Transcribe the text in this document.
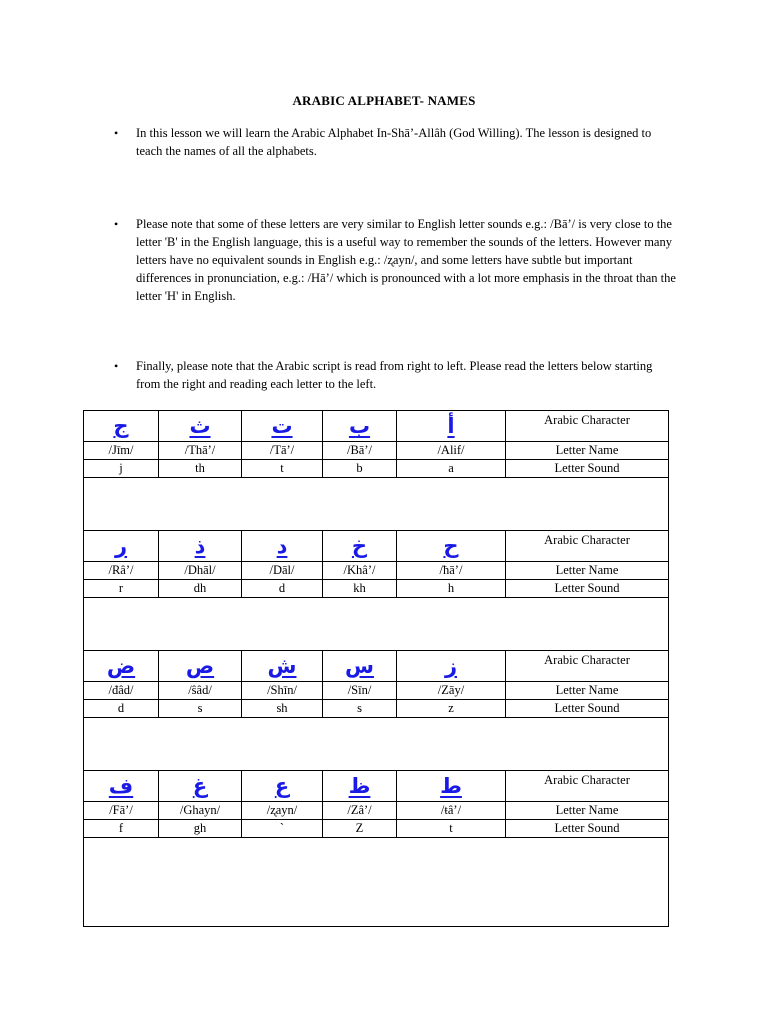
ARABIC ALPHABET- NAMES
• In this lesson we will learn the Arabic Alphabet In-Shā’-Allâh (God Willing). The lesson is designed to teach the names of all the alphabets.
• Please note that some of these letters are very similar to English letter sounds e.g.: /Bā’/ is very close to the letter 'B' in the English language, this is a useful way to remember the sounds of the letters. However many letters have no equivalent sounds in English e.g.: /ʐayn/, and some letters have subtle but important differences in pronunciation, e.g.: /Hā’/ which is pronounced with a lot more emphasis in the throat than the letter 'H' in English.
• Finally, please note that the Arabic script is read from right to left. Please read the letters below starting from the right and reading each letter to the left.
ج	ث	ت	ب	أ	Arabic Character
/Jīm/	/Thā’/	/Tā’/	/Bā’/	/Alif/	Letter Name
j	th	t	b	a	Letter Sound

ر	ذ	د	خ	ح	Arabic Character
/Râ’/	/Dhāl/	/Dāl/	/Khâ’/	/ħā’/	Letter Name
r	dh	d	kh	h	Letter Sound

ض	ص	ش	س	ز	Arabic Character
/đâd/	/ŝâd/	/Shīn/	/Sīn/	/Zāy/	Letter Name
d	s	sh	s	z	Letter Sound

ف	غ	ع	ظ	ط	Arabic Character
/Fā’/	/Ghayn/	/ʐayn/	/Zâ’/	/ŧâ’/	Letter Name
f	gh	`	Z	t	Letter Sound
